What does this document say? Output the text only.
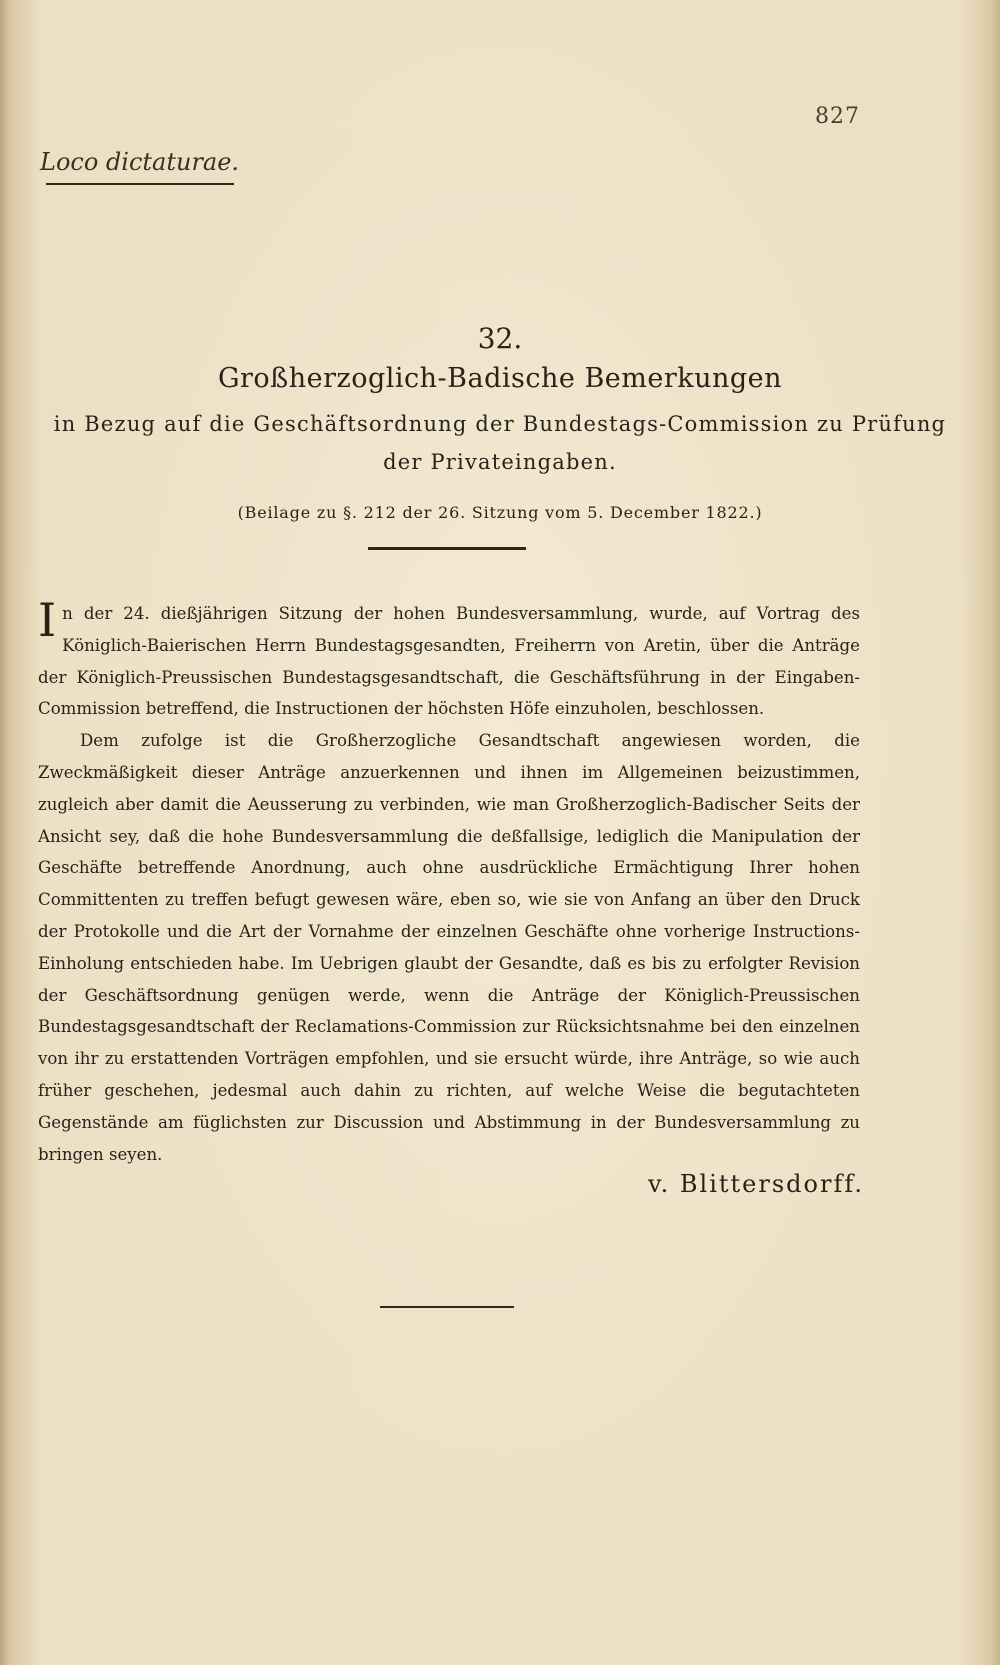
827
Loco dictaturae.
32.
Großherzoglich-Badische Bemerkungen
in Bezug auf die Geschäftsordnung der Bundestags-Commission zu Prüfung
der Privateingaben.
(Beilage zu §. 212 der 26. Sitzung vom 5. December 1822.)

In der 24. dießjährigen Sitzung der hohen Bundesversammlung, wurde, auf Vortrag des Königlich-Baierischen Herrn Bundestagsgesandten, Freiherrn von Aretin, über die Anträge der Königlich-Preussischen Bundestagsgesandtschaft, die Geschäftsführung in der Eingaben-Commission betreffend, die Instructionen der höchsten Höfe einzuholen, beschlossen.

Dem zufolge ist die Großherzogliche Gesandtschaft angewiesen worden, die Zweckmäßigkeit dieser Anträge anzuerkennen und ihnen im Allgemeinen beizustimmen, zugleich aber damit die Aeusserung zu verbinden, wie man Großherzoglich-Badischer Seits der Ansicht sey, daß die hohe Bundesversammlung die deßfallsige, lediglich die Manipulation der Geschäfte betreffende Anordnung, auch ohne ausdrückliche Ermächtigung Ihrer hohen Committenten zu treffen befugt gewesen wäre, eben so, wie sie von Anfang an über den Druck der Protokolle und die Art der Vornahme der einzelnen Geschäfte ohne vorherige Instructions-Einholung entschieden habe. Im Uebrigen glaubt der Gesandte, daß es bis zu erfolgter Revision der Geschäftsordnung genügen werde, wenn die Anträge der Königlich-Preussischen Bundestagsgesandtschaft der Reclamations-Commission zur Rücksichtsnahme bei den einzelnen von ihr zu erstattenden Vorträgen empfohlen, und sie ersucht würde, ihre Anträge, so wie auch früher geschehen, jedesmal auch dahin zu richten, auf welche Weise die begutachteten Gegenstände am füglichsten zur Discussion und Abstimmung in der Bundesversammlung zu bringen seyen.

v. Blittersdorff.
